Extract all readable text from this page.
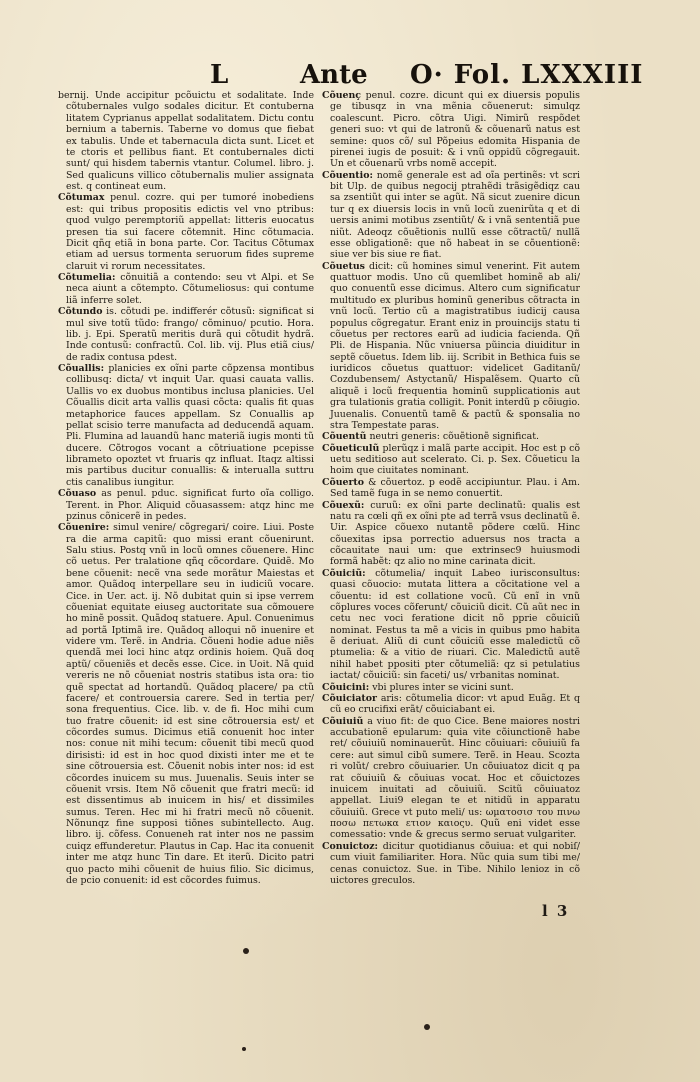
L	Ante O· Fol. LXXXIII
bernij. Unde accipitur pcõuictu et sodalitate. Inde cõtubernales vulgo sodales dicitur. Et contuberna litatem Cyprianus appellat sodalitatem. Dictu contu bernium a tabernis. Taberne vo domus que fiebat ex tabulis. Unde et tabernacula dicta sunt. Licet et te ctoris et pellibus fiant. Et contubernales dicti sunt/ qui hisdem tabernis vtantur. Columel. libro. j. Sed qualicuns villico cõtubernalis mulier assignata est. q contineat eum.
Cõtumax penul. cozre. qui per tumoré inobediens est: qui tribus propositis edictis vel vno ptribus: quod vulgo peremptoriũ appellat: litteris euocatus presen tia sui facere cõtemnit. Hinc cõtumacia. Dicit qñq etiã in bona parte. Cor. Tacitus Cõtumax etiam ad uersus tormenta seruorum fides supreme claruit vi rorum necessitates.
Cõtumelia: cõnuitiã a contendo: seu vt Alpi. et Se neca aiunt a cõtempto. Cõtumeliosus: qui contume liã inferre solet.
Cõtundo is. cõtudi pe. indifferér cõtusũ: significat si mul sive totũ tũdo: frango/ cõminuo/ pcutio. Hora. lib. j. Epi. Speratũ meritis durã qui cõtudit hydrã. Inde contusũ: confractũ. Col. lib. vij. Plus etiã cius/ de radix contusa pdest.
Cõuallis: planicies ex oĩni parte cõpzensa montibus collibusq: dicta/ vt inquit Uar. quasi cauata vallis. Uallis vo ex duobus montibus inclusa planicies. Uel Cõuallis dicit arta vallis quasi cõcta: qualis fit quas metaphorice fauces appellam. Sz Conuallis ap pellat scisio terre manufacta ad deducendã aquam. Pli. Flumina ad lauandũ hanc materiã iugis monti tũ ducere. Cõtrogos vocant a cõtriuatione pcepisse librameto opoztet vt fruaris qz influat. Itaqz altissi mis partibus ducitur conuallis: & interualla suttru ctis canalibus iungitur.
Cõuaso as penul. pduc. significat furto oĩa colligo. Terent. in Phor. Aliquid cõuasassem: atqz hinc me pzinus cõnicerẽ in pedes.
Cõuenire: simul venire/ cõgregari/ coire. Liui. Poste ra die arma capitũ: quo missi erant cõuenirunt. Salu stius. Postq vnũ in locũ omnes cõuenere. Hinc cõ uetus. Per tralatione qñq cõcordare. Quidẽ. Mo bene cõuenit: necẽ vna sede morãtur Maiestas et amor. Quãdoq interpellare seu in iudiciũ vocare. Cice. in Uer. act. ij. Nõ dubitat quin si ipse verrem cõueniat equitate eiuseg auctoritate sua cõmouere ho minẽ possit. Quãdoq statuere. Apul. Conuenimus ad portã Iptimã ire. Quãdoq alloqui nõ inuenire et videre vm. Terẽ. in Andria. Cõueni hodie adue niẽs quendã mei loci hinc atqz ordinis hoiem. Quã doq aptũ/ cõueniẽs et decẽs esse. Cice. in Uoit. Nã quid vereris ne nõ cõueniat nostris statibus ista ora: tio quẽ spectat ad hortandũ. Quãdoq placere/ pa ctũ facere/ et controuersia carere. Sed in tertia per/ sona frequentius. Cice. lib. v. de fi. Hoc mihi cum tuo fratre cõuenit: id est sine cõtrouersia est/ et cõcordes sumus. Dicimus etiã conuenit hoc inter nos: conue nit mihi tecum: cõuenit tibi mecũ quod dirisisti: id est in hoc quod dixisti inter me et te sine cõtrouersia est. Cõuenit nobis inter nos: id est cõcordes inuicem su mus. Juuenalis. Seuis inter se cõuenit vrsis. Item Nõ cõuenit que fratri mecũ: id est dissentimus ab inuicem in his/ et dissimiles sumus. Teren. Hec mi hi fratri mecũ nõ cõuenit. Nõnunqz fine supposi tiõnes subintellecto. Aug. libro. ij. cõfess. Conueneh rat inter nos ne passim cuiqz effunderetur. Plautus in Cap. Hac ita conuenit inter me atqz hunc Tin dare. Et iterũ. Dicito patri quo pacto mihi cõuenit de huius filio. Sic dicimus, de pcio conuenit: id est cõcordes fuimus.
Cõuenç penul. cozre. dicunt qui ex diuersis populis ge tibusqz in vna mẽnia cõuenerut: simulqz coalescunt. Picro. cõtra Uigi. Nimirũ respõdet generi suo: vt qui de latronũ & cõuenarũ natus est semine: quos cõ/ sul Põpeius edomita Hispania de pirenei iugis de posuit: & i vnũ oppidũ cõgregauit. Un et cõuenarũ vrbs nomẽ accepit.
Cõuentio: nomẽ generale est ad oĩa pertinẽs: vt scri bit Ulp. de quibus negocij ptrahẽdi trãsigẽdiqz cau sa zsentiũt qui inter se agũt. Nã sicut zuenire dicun tur q ex diuersis locis in vnũ locũ zuenirũta q et di uersis animi motibus zsentiũt/ & i vnã sententiã pue niũt. Adeoqz cõuẽtionis nullũ esse cõtractũ/ nullã esse obligationẽ: que nõ habeat in se cõuentionẽ: siue ver bis siue re fiat.
Cõuetus dicit: cũ homines simul venerint. Fit autem quattuor modis. Uno cũ quemlibet hominẽ ab ali/ quo conuentũ esse dicimus. Altero cum significatur multitudo ex pluribus hominũ generibus cõtracta in vnũ locũ. Tertio cũ a magistratibus iudicij causa populus cõgregatur. Erant eniz in prouincijs statu ti cõuetus per rectores earũ ad iudicia facienda. Qñ Pli. de Hispania. Nũc vniuersa pũincia diuiditur in septẽ cõuetus. Idem lib. iij. Scribit in Bethica fuis se iuridicos cõuetus quattuor: videlicet Gaditanũ/ Cozdubensem/ Astyctanũ/ Hispalẽsem. Quarto cũ aliquẽ i locũ frequentia hominũ supplicationis aut gra tulationis gratia colligit. Ponit interdũ p cõiugio. Juuenalis. Conuentũ tamẽ & pactũ & sponsalia no stra Tempestate paras.
Cõuentũ neutri generis: cõuẽtionẽ significat.
Cõueticulũ plerũqz i malã parte accipit. Hoc est p cõ uetu seditioso aut scelerato. Ci. p. Sex. Cõueticu la hoim que ciuitates nominant.
Cõuerto & cõuertoz. p eodẽ accipiuntur. Plau. i Am. Sed tamẽ fuga in se nemo conuertit.
Cõuexũ: curuũ: ex oĩni parte declinatũ: qualis est natu ra cœli qñ ex oĩni pte ad terrã vsus declinatũ ẽ. Uir. Aspice cõuexo nutantẽ põdere cœlũ. Hinc cõuexitas ipsa porrectio aduersus nos tracta a cõcauitate naui um: que extrinsec9 huiusmodi formã habẽt: qz alio no mine carinata dicit.
Cõuiciũ: cõtumelia/ inquit Labeo iurisconsultus: quasi cõuocio: mutata littera a cõcitatione vel a cõuentu: id est collatione vocũ. Cũ enĩ in vnũ cõplures voces cõferunt/ cõuiciũ dicit. Cũ aũt nec in cetu nec voci feratione dicit nõ pprie cõuiciũ nominat. Festus ta mẽ a vicis in quibus pmo habita ẽ deriuat. Aliũ di cunt cõuiciũ esse maledictũ cõ ptumelia: & a vitio de riuari. Cic. Maledictũ autẽ nihil habet ppositi pter cõtumeliã: qz si petulatius iactat/ cõuiciũ: sin faceti/ us/ vrbanitas nominat.
Cõuicini: vbi plures inter se vicini sunt.
Cõuiciator aris: cõtumelia dicor: vt apud Euãg. Et q cũ eo crucifixi erãt/ cõuiciabant ei.
Cõuiuiũ a viuo fit: de quo Cice. Bene maiores nostri accubationẽ epularum: quia vite cõiunctionẽ habe ret/ cõuiuiũ nominauerũt. Hinc cõuiuari: cõuiuiũ fa cere: aut simul cibũ sumere. Terẽ. in Heau. Scozta ri volũt/ crebro cõuiuarier. Un cõuiuatoz dicit q pa rat cõuiuiũ & cõuiuas vocat. Hoc et cõuictozes inuicem inuitati ad cõuiuiũ. Scitũ cõuiuatoz appellat. Liui9 elegan te et nitidũ in apparatu cõuiuiũ. Grece vt puto meli/ us: ωματοσισ του πινω ποσω πετωκα ετιον καιοςυ. Quũ eni videt esse comessatio: vnde & grecus sermo seruat vulgariter.
Conuictoz: dicitur quotidianus cõuiua: et qui nobiſ/ cum viuit familiariter. Hora. Nũc quia sum tibi me/ cenas conuictoz. Sue. in Tibe. Nihilo lenioz in cõ uictores greculos.
l 3
